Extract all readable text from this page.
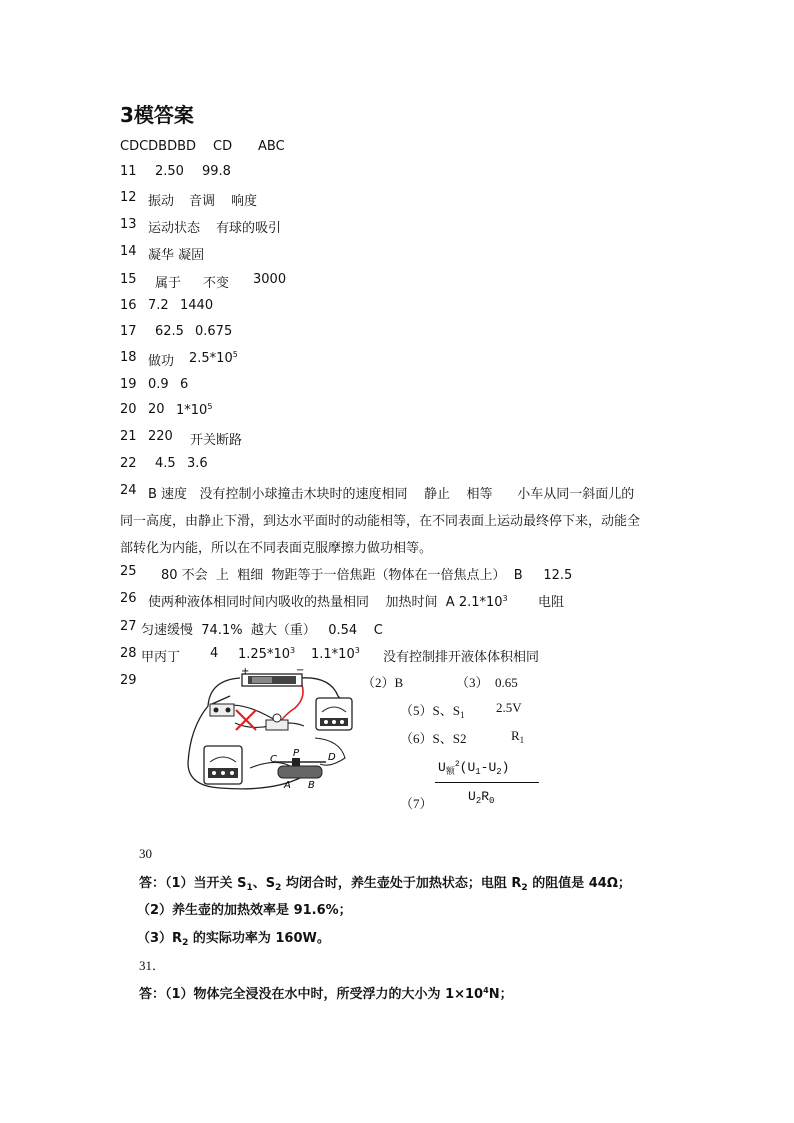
3模答案
CDCDBDBD CD ABC
11 2.50 99.8
12 振动 音调 响度
13 运动状态 有球的吸引
14 凝华 凝固
15 属于 不变 3000
16 7.2 1440
17 62.5 0.675
18 做功 $2.5*10^5$
19 0.9 6
20 20 $1*10^5$
21 220 开关断路
22 4.5 3.6
24 B 速度   没有控制小球撞击木块时的速度相同    静止    相等      小车从同一斜面儿的
同一高度，由静止下滑，到达水平面时的动能相等，在不同表面上运动最终停下来，动能全
部转化为内能，所以在不同表面克服摩擦力做功相等。
25 80 不会  上  粗细  物距等于一倍焦距（物体在一倍焦点上）  B     12.5
26 使两种液体相同时间内吸收的热量相同    加热时间  A $2.1*10^3$ 电阻
27 匀速缓慢  74.1%  越大（重）   0.54    C
28 甲丙丁 4 $1.25*10^3$ $1.1*10^3$ 没有控制排开液体体积相同
29
+	−
C
P	D
A B
（2）B	（3）  0.65
（5）S、$S_1$ 2.5V
（6）S、S2	$R_1$
$U_额^2(U_1-U_2)$
（7）	$U_2R_0$
30
答：（1）当开关 $S_1$、$S_2$ 均闭合时，养生壶处于加热状态；电阻 $R_2$ 的阻值是 44Ω；
（2）养生壶的加热效率是 91.6%；
$(3)R_2$ 的实际功率为 160W。
31．
答：（1）物体完全浸没在水中时，所受浮力的大小为 $1\times 10^4N$；
